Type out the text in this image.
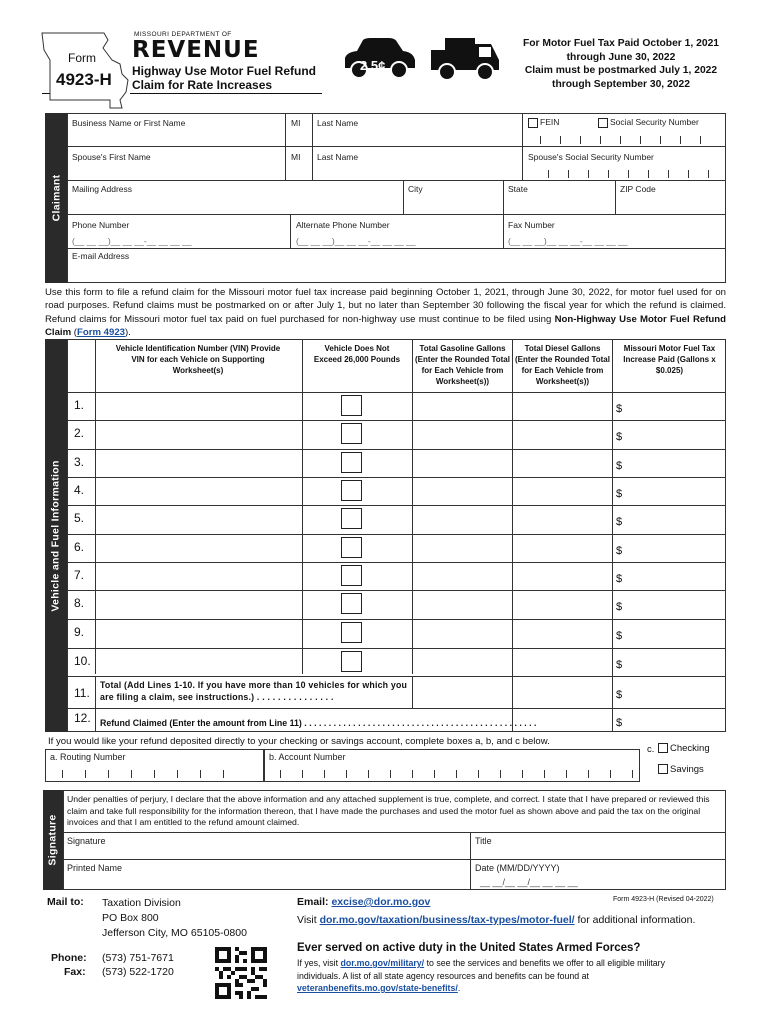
Form
4923-H
MISSOURI DEPARTMENT OF
REVENUE
Highway Use Motor Fuel Refund
Claim for Rate Increases
2.5¢
For Motor Fuel Tax Paid October 1, 2021
through June 30, 2022
Claim must be postmarked July 1, 2022
through September 30, 2022
Claimant
Business Name or First Name	MI Last Name	FEIN	Social Security Number
Spouse's First Name	MI Last Name	Spouse's Social Security Number
Mailing Address	City	State	ZIP Code
Phone Number
(__ __ __)__ __ __-__ __ __ __
Alternate Phone Number
(__ __ __)__ __ __-__ __ __ __
Fax Number
(__ __ __)__ __ __-__ __ __ __
E-mail Address
Use this form to file a refund claim for the Missouri motor fuel tax increase paid beginning October 1, 2021, through June 30, 2022, for motor fuel used for on road purposes. Refund claims must be postmarked on or after July 1, but no later than September 30 following the fiscal year for which the refund is claimed. Refund claims for Missouri motor fuel tax paid on fuel purchased for non-highway use must continue to be filed using Non-Highway Use Motor Fuel Refund Claim (Form 4923).
Vehicle and Fuel Information
Vehicle Identification Number (VIN) Provide VIN for each Vehicle on Supporting Worksheet(s)
Vehicle Does Not Exceed 26,000 Pounds
Total Gasoline Gallons (Enter the Rounded Total for Each Vehicle from Worksheet(s))
Total Diesel Gallons (Enter the Rounded Total for Each Vehicle from Worksheet(s))
Missouri Motor Fuel Tax Increase Paid (Gallons x $0.025)
1.	$
2.	$
3.	$
4.	$
5.	$
6.	$
7.	$
8.	$
9.	$
10.	$
11.
Total (Add Lines 1-10. If you have more than 10 vehicles for which you are filing a claim, see instructions.) . . . . . . . . . . . . . . .	$
12. Refund Claimed (Enter the amount from Line 11) . . . . . . . . . . . . . . . . . . . . . . . . . . . . . . . . . . . . . . . . . . . . . . . .	$
If you would like your refund deposited directly to your checking or savings account, complete boxes a, b, and c below.
a. Routing Number	b. Account Number
c.	Checking
Savings
Signature
Under penalties of perjury, I declare that the above information and any attached supplement is true, complete, and correct. I state that I have prepared or reviewed this claim and take full responsibility for the information thereon, that I have made the purchases and used the motor fuel as shown above and paid the tax on the original invoices and that I am entitled to the refund amount claimed.
Signature	Title
Printed Name	Date (MM/DD/YYYY)
__ __/__ __/__ __ __ __
Mail to: Taxation Division
PO Box 800
Jefferson City, MO 65105-0800
Phone: (573) 751-7671
Fax: (573) 522-1720
Email: excise@dor.mo.gov	Form 4923-H (Revised 04-2022)
Visit dor.mo.gov/taxation/business/tax-types/motor-fuel/ for additional information.
Ever served on active duty in the United States Armed Forces?
If yes, visit dor.mo.gov/military/ to see the services and benefits we offer to all eligible military individuals. A list of all state agency resources and benefits can be found at veteranbenefits.mo.gov/state-benefits/.
